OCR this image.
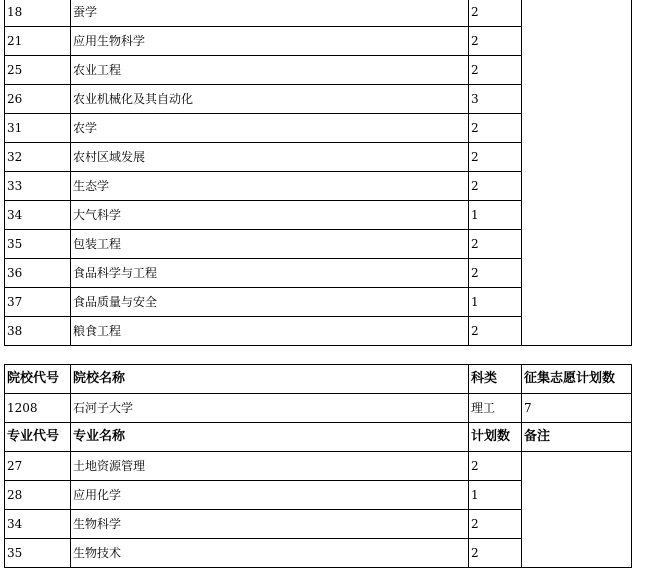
18	蚕学	2	
21	应用生物科学	2	
25	农业工程	2	
26	农业机械化及其自动化	3	
31	农学	2	
32	农村区域发展	2	
33	生态学	2	
34	大气科学	1	
35	包装工程	2	
36	食品科学与工程	2	
37	食品质量与安全	1	
38	粮食工程	2	
院校代号	院校名称	科类	征集志愿计划数
1208	石河子大学	理工	7
专业代号	专业名称	计划数	备注
27	土地资源管理	2	
28	应用化学	1	
34	生物科学	2	
35	生物技术	2	
